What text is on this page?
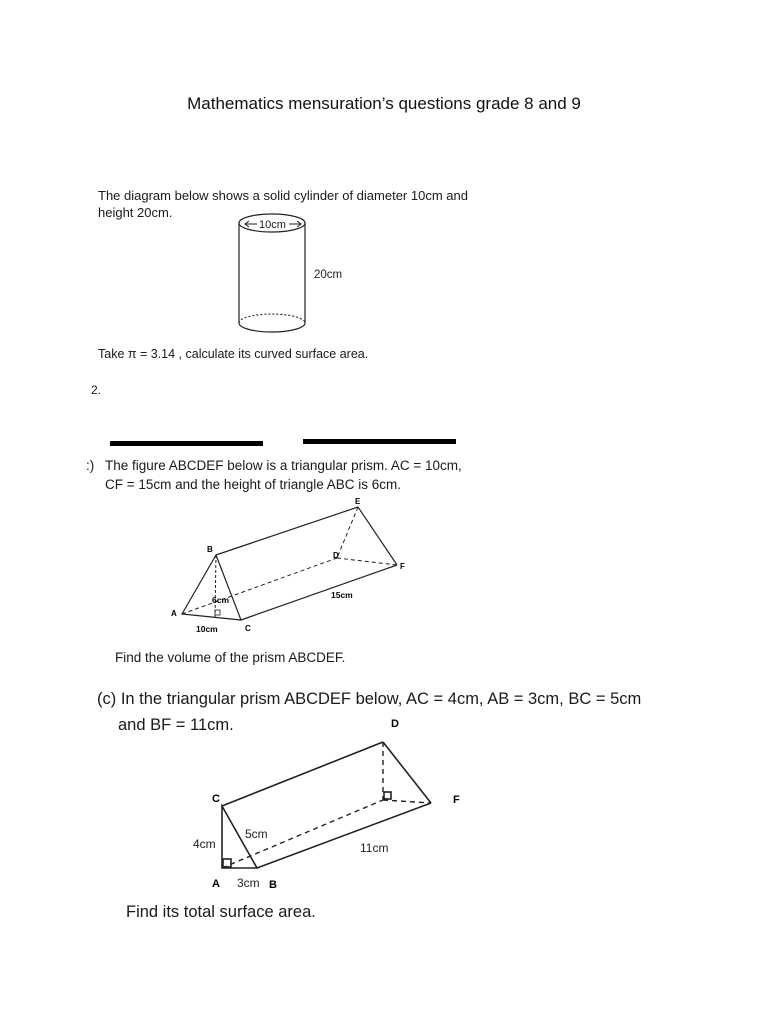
Mathematics mensuration’s questions grade 8 and 9
The diagram below shows a solid cylinder of diameter 10cm and
height 20cm.
10cm
20cm
Take π = 3.14 , calculate its curved surface area.
2.
:) The figure ABCDEF below is a triangular prism. AC = 10cm,
CF = 15cm and the height of triangle ABC is 6cm.
B
A
C
E
D
F
6cm
10cm
15cm
Find the volume of the prism ABCDEF.
(c) In the triangular prism ABCDEF below, AC = 4cm, AB = 3cm, BC = 5cm
and BF = 11cm.
C
A	B
D
F
4cm
5cm
3cm
11cm
Find its total surface area.
